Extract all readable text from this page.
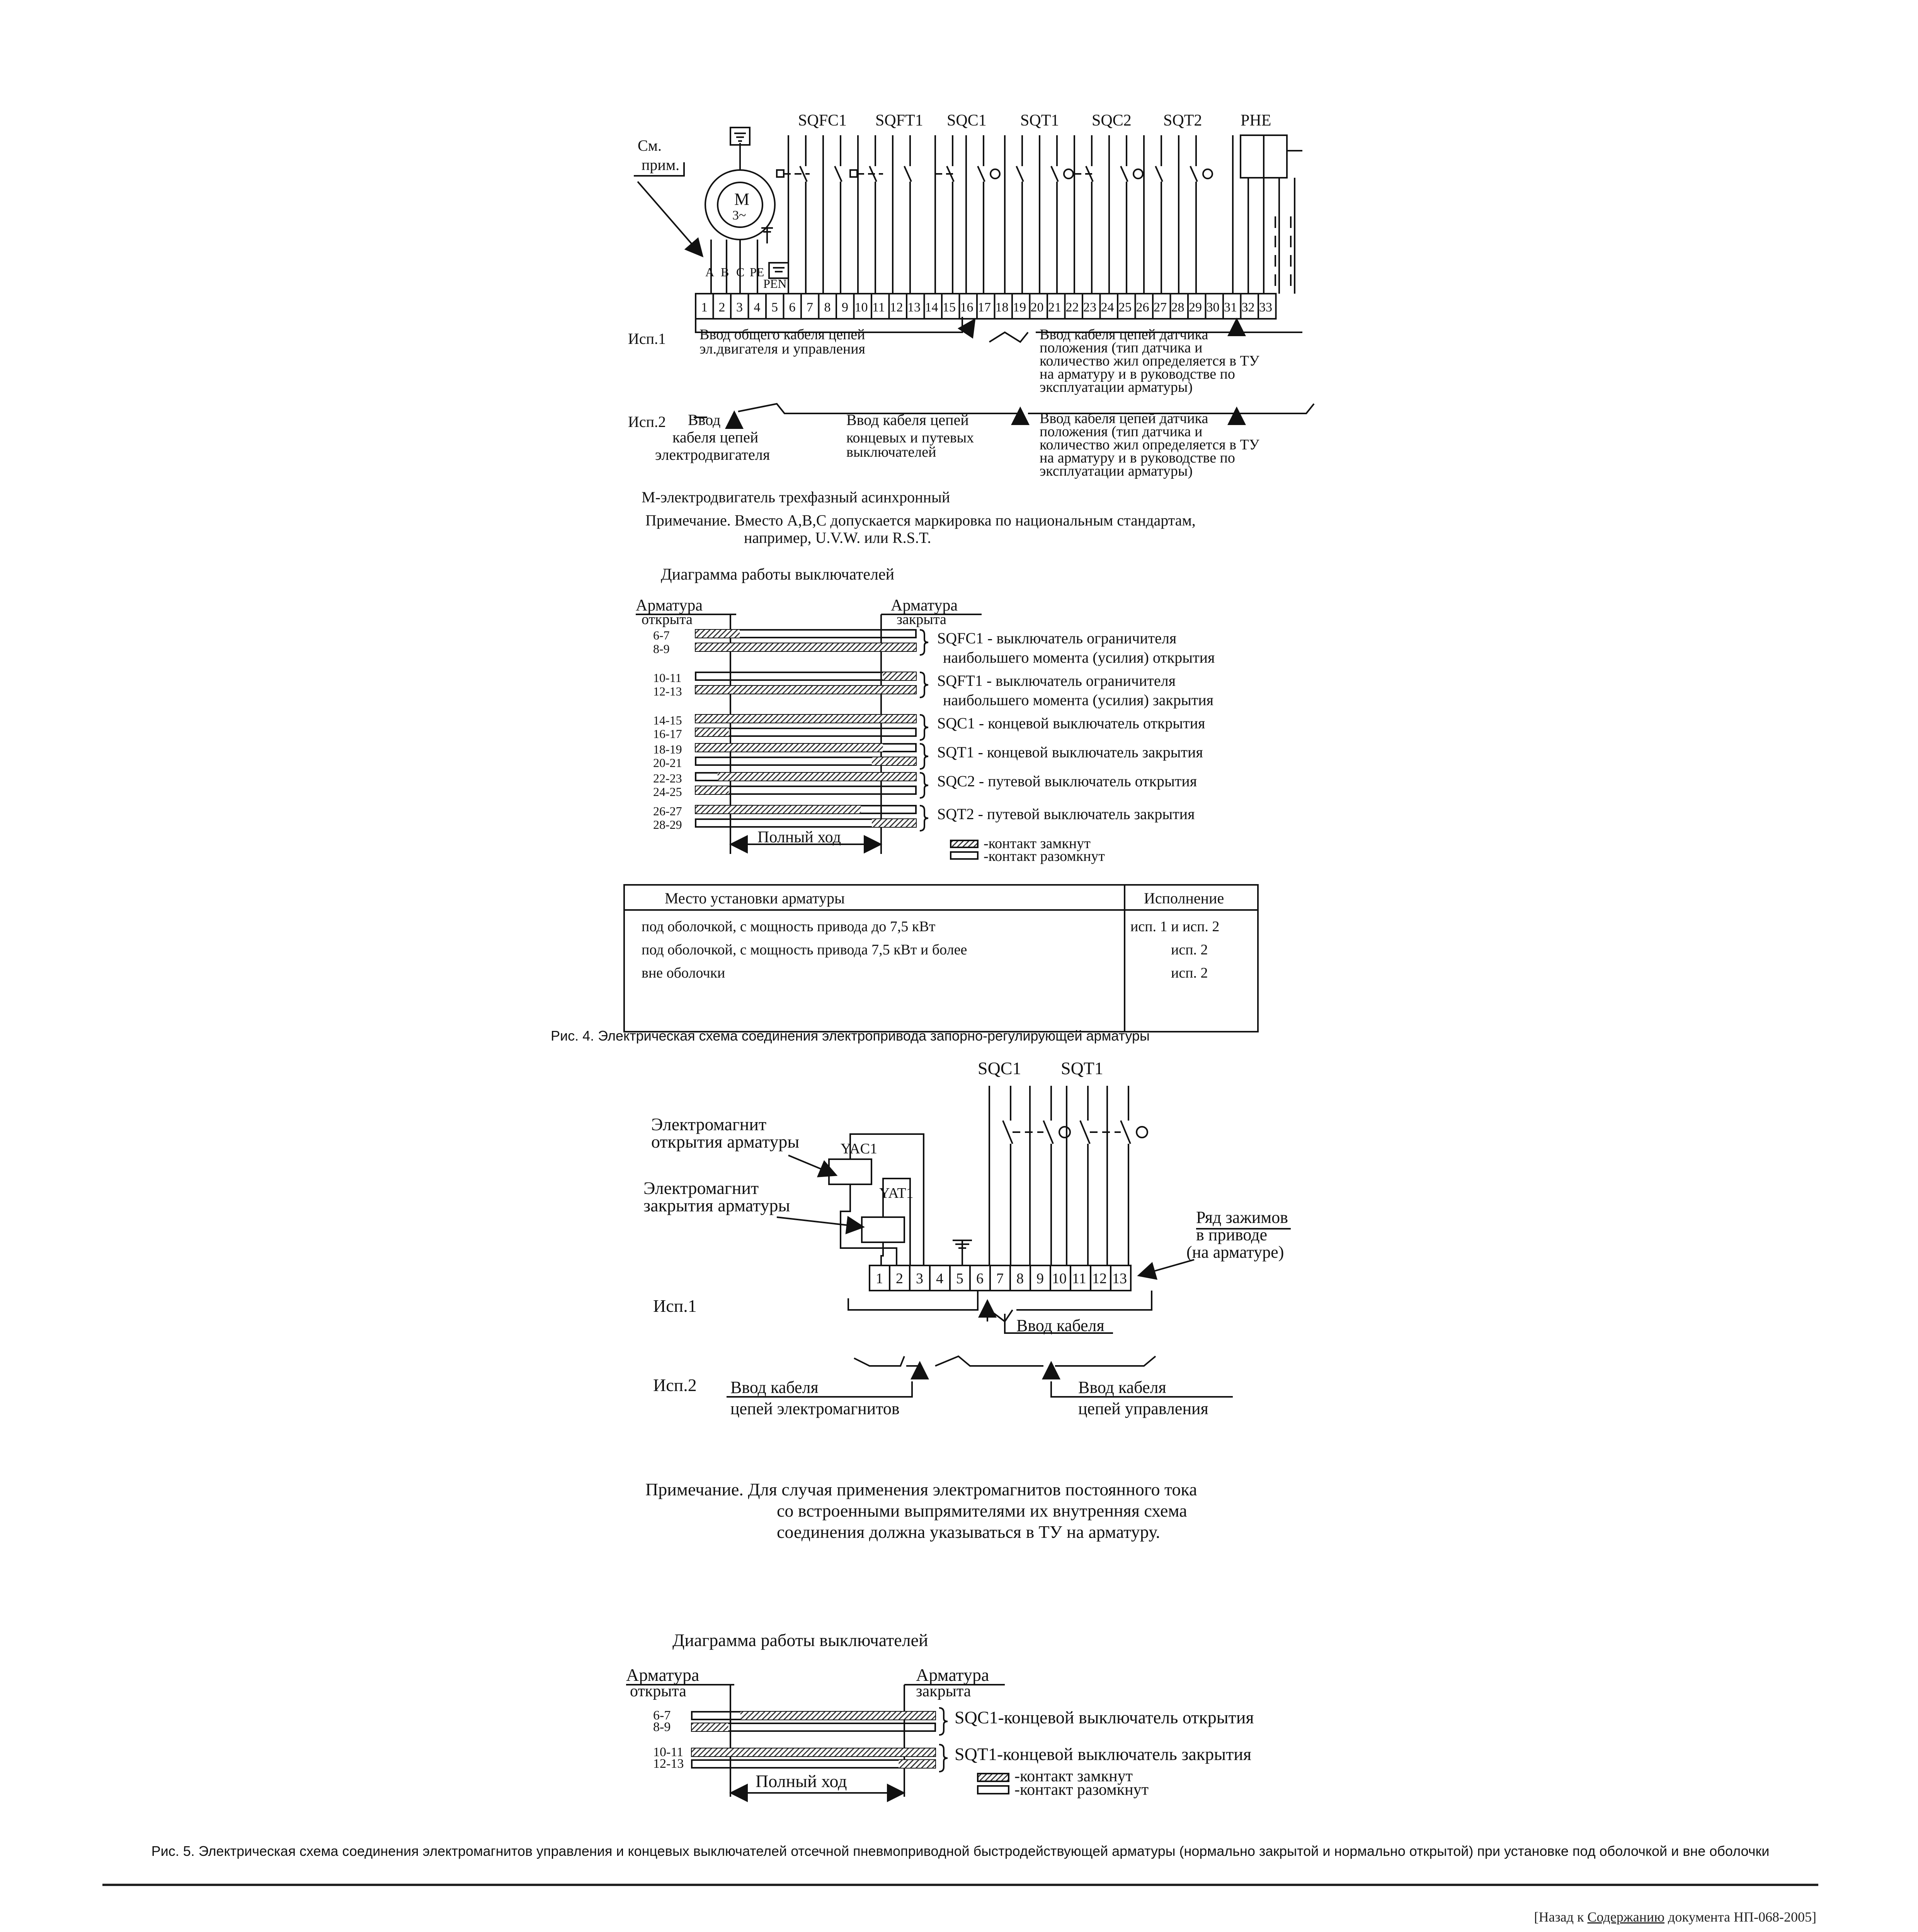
См.
прим.
M
3~
A B C PE
PEN
SQFC1 SQFT1 SQC1 SQT1 SQC2 SQT2 PHE
1 2 3 4 5 6 7 8 9 10 11 12 13 14 15 16 17 18 19 20 21 22 23 24 25 26 27 28 29 30 31 32 33
Исп.1 Ввод общего кабеля цепей
эл.двигателя и управления
Ввод кабеля цепей датчика
положения (тип датчика и
количество жил определяется в ТУ
на арматуру и в руководстве по
эксплуатации арматуры)
Исп.2 Ввод
кабеля цепей
электродвигателя
Ввод кабеля цепей
концевых и путевых
выключателей
Ввод кабеля цепей датчика
положения (тип датчика и
количество жил определяется в ТУ
на арматуру и в руководстве по
эксплуатации арматуры)
М-электродвигатель трехфазный асинхронный
Примечание. Вместо A,B,C допускается маркировка по национальным стандартам,
например, U.V.W. или R.S.T.
Диаграмма работы выключателей
Арматура
открыта
Арматура
закрыта
6-7
8-9
10-11
12-13
14-15
16-17
18-19
20-21
22-23
24-25
26-27
28-29
SQFC1 - выключатель ограничителя
наибольшего момента (усилия) открытия
SQFT1 - выключатель ограничителя
наибольшего момента (усилия) закрытия
SQC1 - концевой выключатель открытия
SQT1 - концевой выключатель закрытия
SQC2 - путевой выключатель открытия
SQT2 - путевой выключатель закрытия
Полный ход	-контакт замкнут
-контакт разомкнут
Место установки арматуры	Исполнение
под оболочкой, с мощность привода до 7,5 кВт	исп. 1 и исп. 2
под оболочкой, с мощность привода 7,5 кВт и более	исп. 2
вне оболочки	исп. 2
SQC1 SQT1
Электромагнит
открытия арматуры
Электромагнит
закрытия арматуры
YAC1
YAT1
1 2 3 4 5 6 7 8 9 10 11 12 13
Ряд зажимов
в приводе
(на арматуре)
Исп.1
Ввод кабеля
Исп.2 Ввод кабеля
цепей электромагнитов
Ввод кабеля
цепей управления
Примечание. Для случая применения электромагнитов постоянного тока
со встроенными выпрямителями их внутренняя схема
соединения должна указываться в ТУ на арматуру.
Диаграмма работы выключателей
Арматура
открыта
Арматура
закрыта
6-7
8-9
10-11
12-13
SQC1-концевой выключатель открытия
SQT1-концевой выключатель закрытия
Полный ход	-контакт замкнут
-контакт разомкнут
Рис. 4. Электрическая схема соединения электропривода запорно-регулирующей арматуры
Рис. 5. Электрическая схема соединения электромагнитов управления и концевых выключателей отсечной пневмоприводной быстродействующей арматуры (нормально закрытой и нормально открытой) при установке под оболочкой и вне оболочки
[Назад к Содержанию документа НП-068-2005]
